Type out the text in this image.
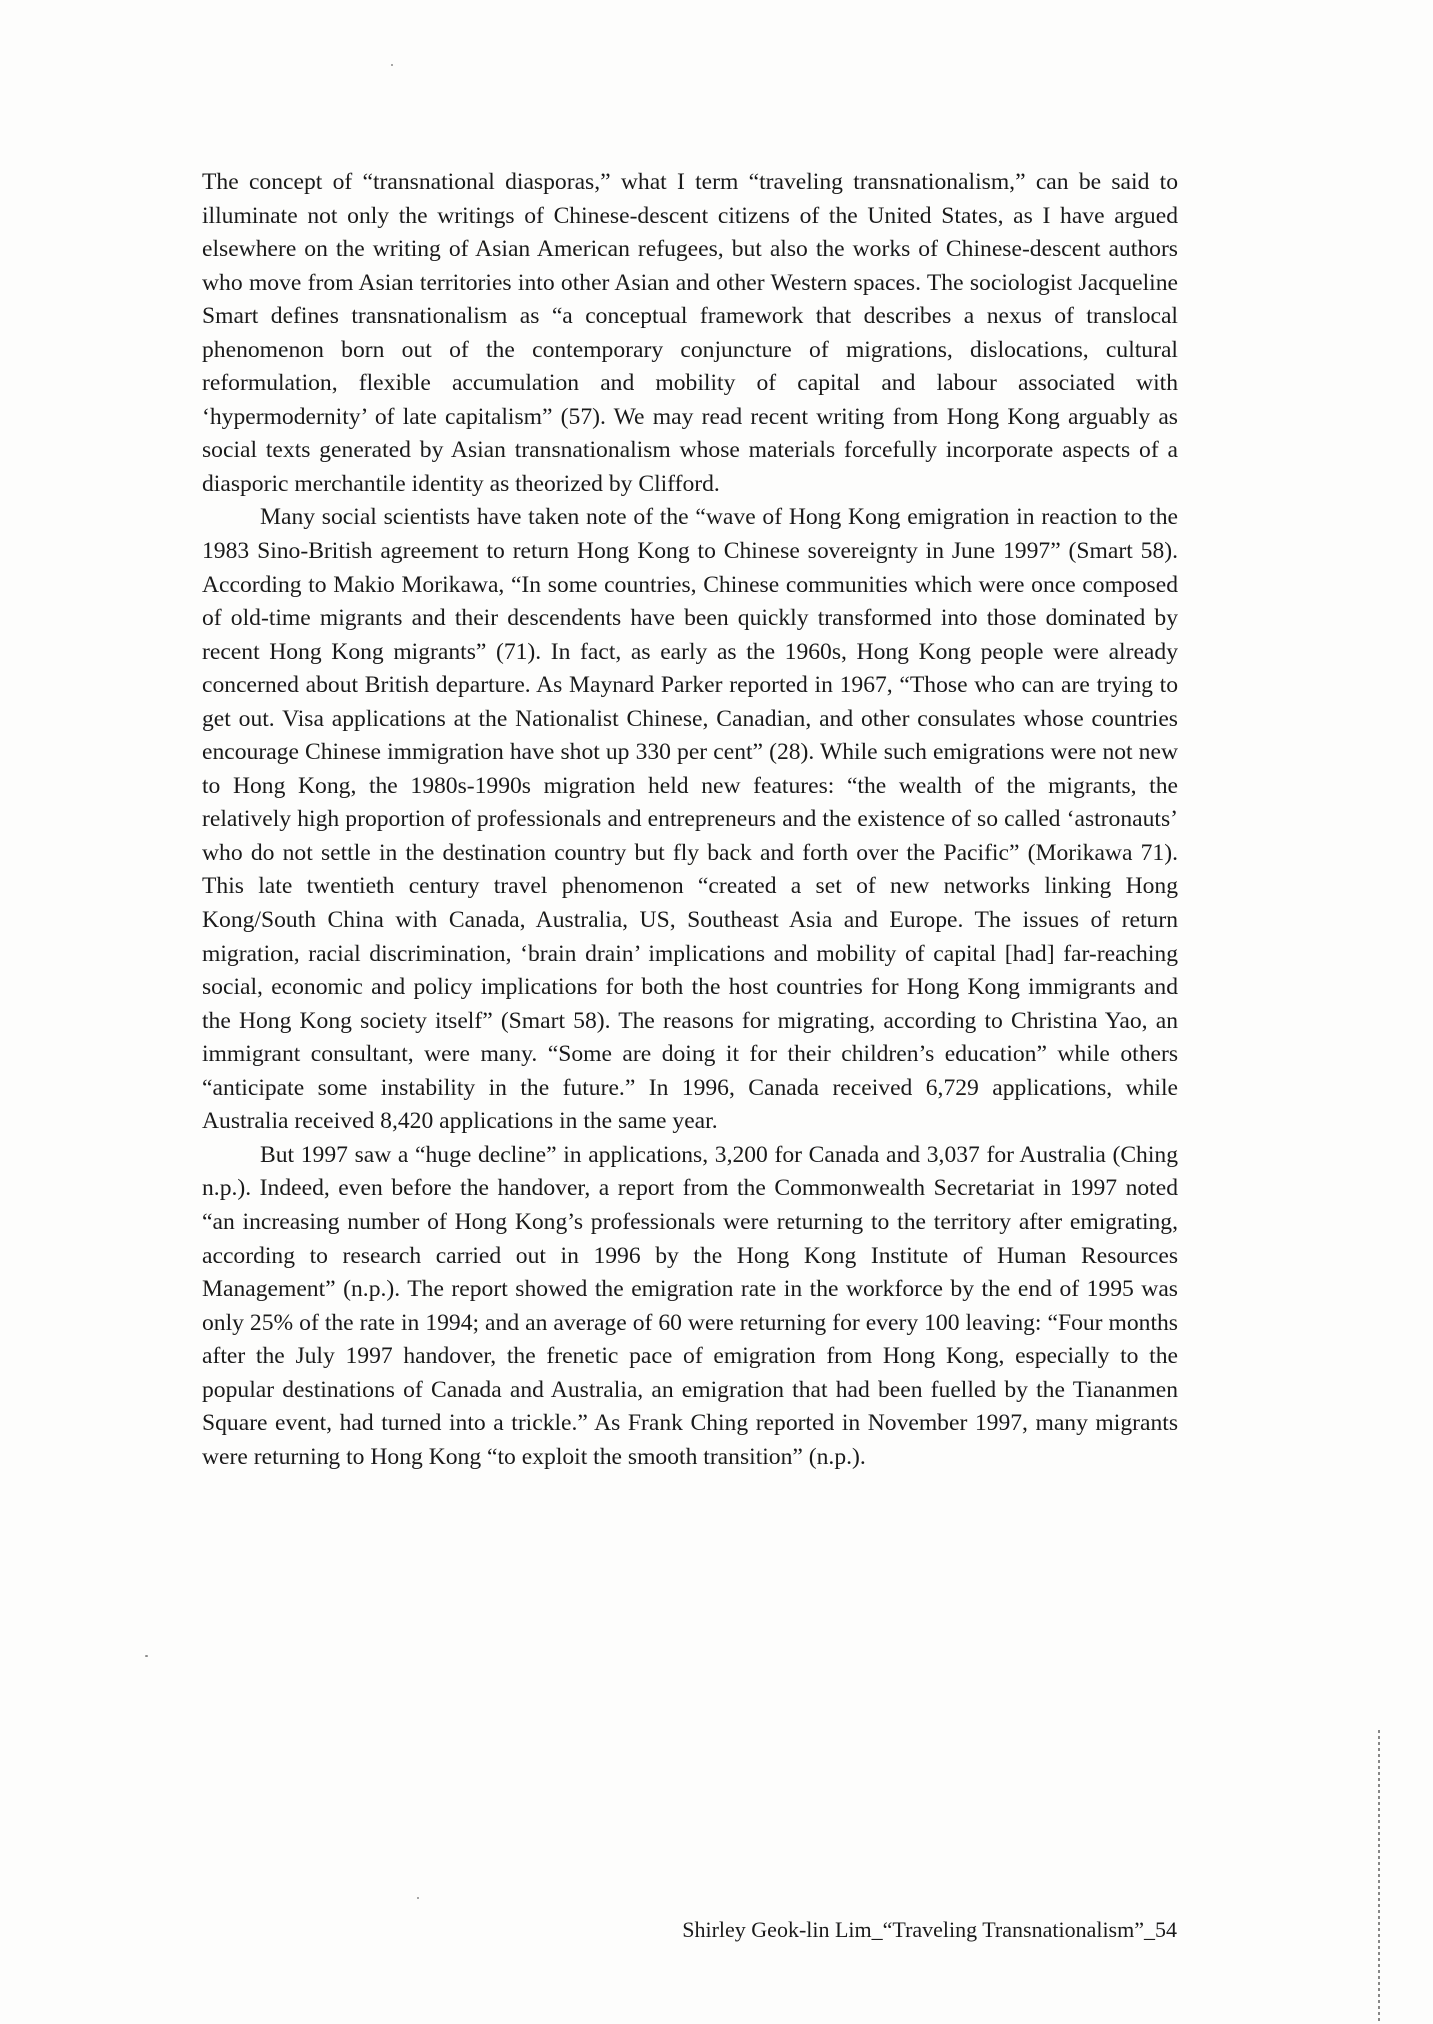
The concept of “transnational diasporas,” what I term “traveling transnationalism,” can be said to illuminate not only the writings of Chinese-descent citizens of the United States, as I have argued elsewhere on the writing of Asian American refugees, but also the works of Chinese-descent authors who move from Asian territories into other Asian and other Western spaces. The sociologist Jacqueline Smart defines transnationalism as “a conceptual framework that describes a nexus of translocal phenomenon born out of the contemporary conjuncture of migrations, dislocations, cultural reformulation, flexible accumulation and mobility of capital and labour associated with ‘hypermodernity’ of late capitalism” (57). We may read recent writing from Hong Kong arguably as social texts generated by Asian transnationalism whose materials forcefully incorporate aspects of a diasporic merchantile identity as theorized by Clifford.

Many social scientists have taken note of the “wave of Hong Kong emigration in reaction to the 1983 Sino-British agreement to return Hong Kong to Chinese sovereignty in June 1997” (Smart 58). According to Makio Morikawa, “In some countries, Chinese communities which were once composed of old-time migrants and their descendents have been quickly transformed into those dominated by recent Hong Kong migrants” (71). In fact, as early as the 1960s, Hong Kong people were already concerned about British departure. As Maynard Parker reported in 1967, “Those who can are trying to get out. Visa applications at the Nationalist Chinese, Canadian, and other consulates whose countries encourage Chinese immigration have shot up 330 per cent” (28). While such emigrations were not new to Hong Kong, the 1980s-1990s migration held new features: “the wealth of the migrants, the relatively high proportion of professionals and entrepreneurs and the existence of so called ‘astronauts’ who do not settle in the destination country but fly back and forth over the Pacific” (Morikawa 71). This late twentieth century travel phenomenon “created a set of new networks linking Hong Kong/South China with Canada, Australia, US, Southeast Asia and Europe. The issues of return migration, racial discrimination, ‘brain drain’ implications and mobility of capital [had] far-reaching social, economic and policy implications for both the host countries for Hong Kong immigrants and the Hong Kong society itself” (Smart 58). The reasons for migrating, according to Christina Yao, an immigrant consultant, were many. “Some are doing it for their children’s education” while others “anticipate some instability in the future.” In 1996, Canada received 6,729 applications, while Australia received 8,420 applications in the same year.

But 1997 saw a “huge decline” in applications, 3,200 for Canada and 3,037 for Australia (Ching n.p.). Indeed, even before the handover, a report from the Commonwealth Secretariat in 1997 noted “an increasing number of Hong Kong’s professionals were returning to the territory after emigrating, according to research carried out in 1996 by the Hong Kong Institute of Human Resources Management” (n.p.). The report showed the emigration rate in the workforce by the end of 1995 was only 25% of the rate in 1994; and an average of 60 were returning for every 100 leaving: “Four months after the July 1997 handover, the frenetic pace of emigration from Hong Kong, especially to the popular destinations of Canada and Australia, an emigration that had been fuelled by the Tiananmen Square event, had turned into a trickle.” As Frank Ching reported in November 1997, many migrants were returning to Hong Kong “to exploit the smooth transition” (n.p.).

Shirley Geok-lin Lim_“Traveling Transnationalism”_54
